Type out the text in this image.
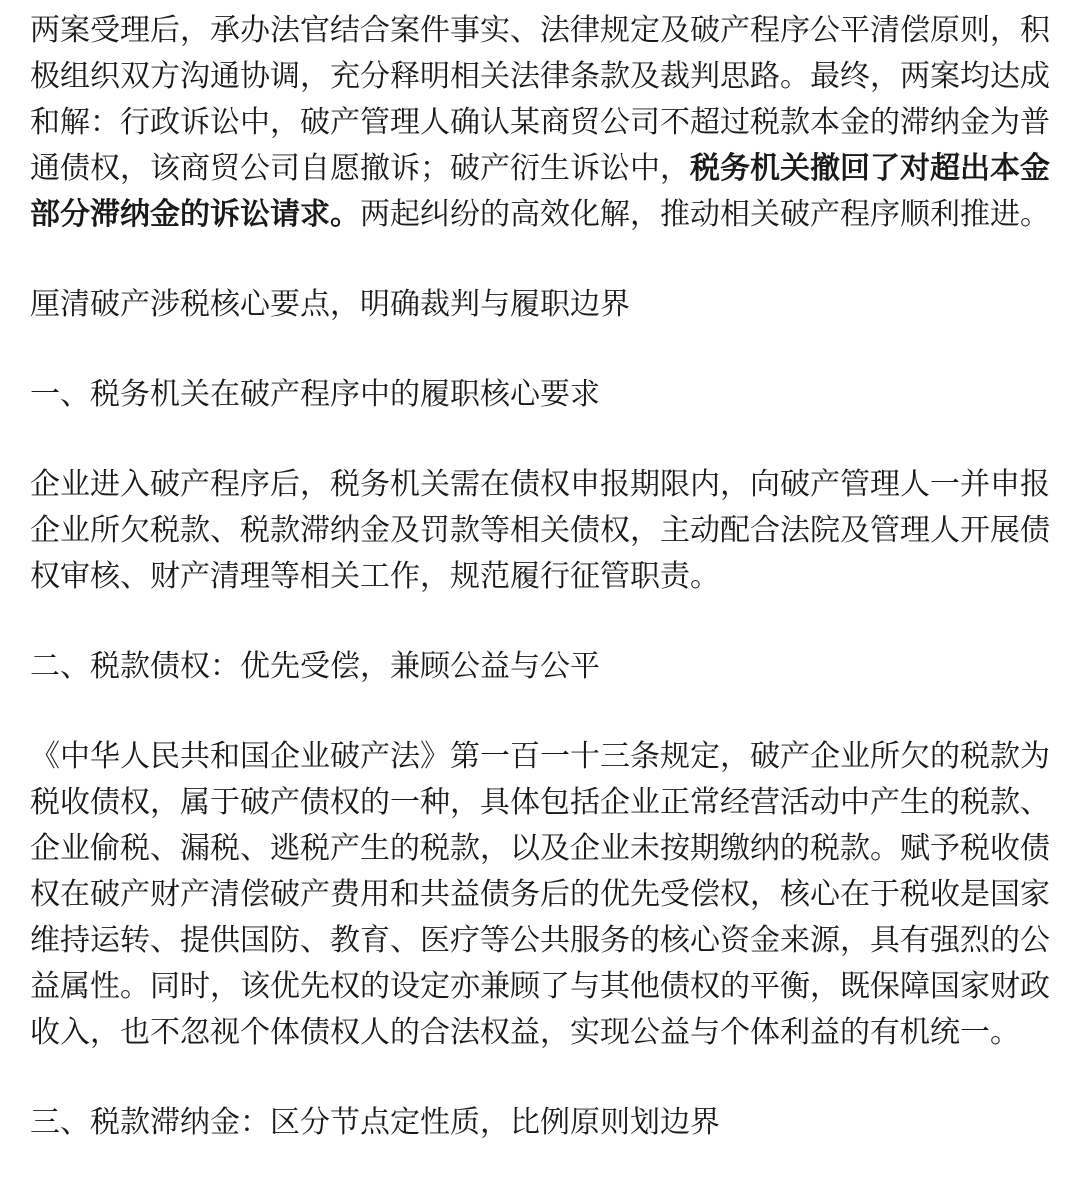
两案受理后，承办法官结合案件事实、法律规定及破产程序公平清偿原则，积极组织双方沟通协调，充分释明相关法律条款及裁判思路。最终，两案均达成和解：行政诉讼中，破产管理人确认某商贸公司不超过税款本金的滞纳金为普通债权，该商贸公司自愿撤诉；破产衍生诉讼中，税务机关撤回了对超出本金部分滞纳金的诉讼请求。两起纠纷的高效化解，推动相关破产程序顺利推进。

厘清破产涉税核心要点，明确裁判与履职边界

一、税务机关在破产程序中的履职核心要求

企业进入破产程序后，税务机关需在债权申报期限内，向破产管理人一并申报企业所欠税款、税款滞纳金及罚款等相关债权，主动配合法院及管理人开展债权审核、财产清理等相关工作，规范履行征管职责。

二、税款债权：优先受偿，兼顾公益与公平

《中华人民共和国企业破产法》第一百一十三条规定，破产企业所欠的税款为税收债权，属于破产债权的一种，具体包括企业正常经营活动中产生的税款、企业偷税、漏税、逃税产生的税款，以及企业未按期缴纳的税款。赋予税收债权在破产财产清偿破产费用和共益债务后的优先受偿权，核心在于税收是国家维持运转、提供国防、教育、医疗等公共服务的核心资金来源，具有强烈的公益属性。同时，该优先权的设定亦兼顾了与其他债权的平衡，既保障国家财政收入，也不忽视个体债权人的合法权益，实现公益与个体利益的有机统一。

三、税款滞纳金：区分节点定性质，比例原则划边界
